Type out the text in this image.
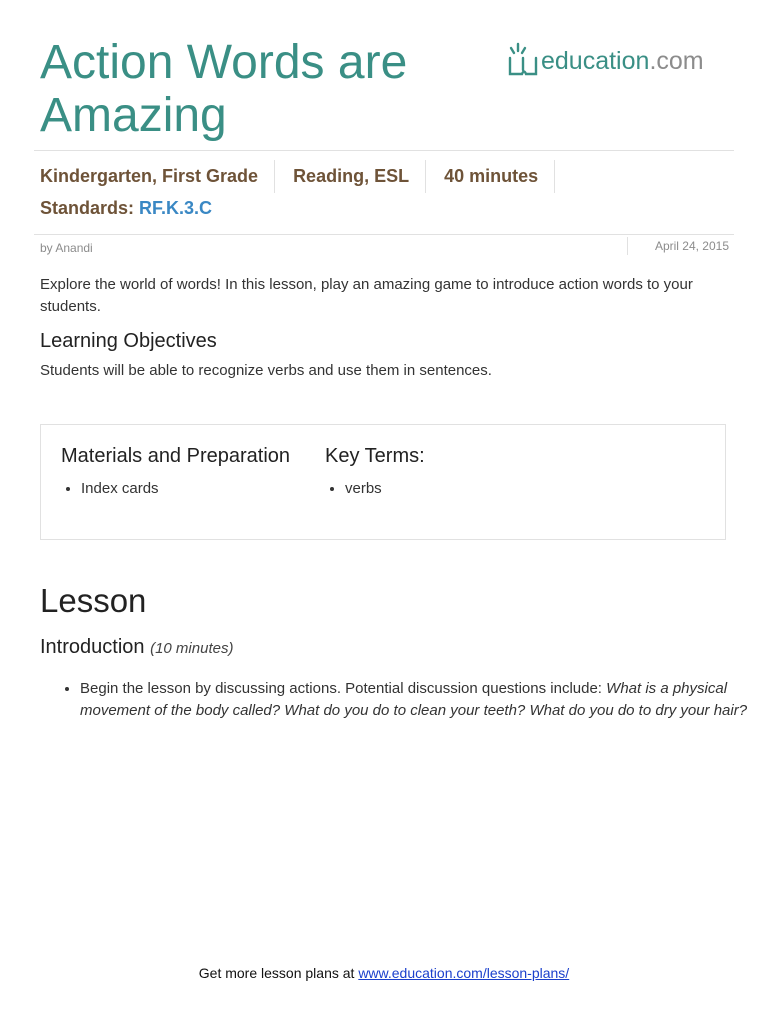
Action Words are Amazing
education .com
Kindergarten, First Grade	Reading, ESL	40 minutes
Standards: RF.K.3.C
by Anandi	April 24, 2015
Explore the world of words! In this lesson, play an amazing game to introduce action words to your students.
Learning Objectives
Students will be able to recognize verbs and use them in sentences.
Materials and Preparation
• Index cards
Key Terms:
• verbs
Lesson
Introduction (10 minutes)
• Begin the lesson by discussing actions. Potential discussion questions include: What is a physical movement of the body called? What do you do to clean your teeth? What do you do to dry your hair?
Get more lesson plans at www.education.com/lesson-plans/
